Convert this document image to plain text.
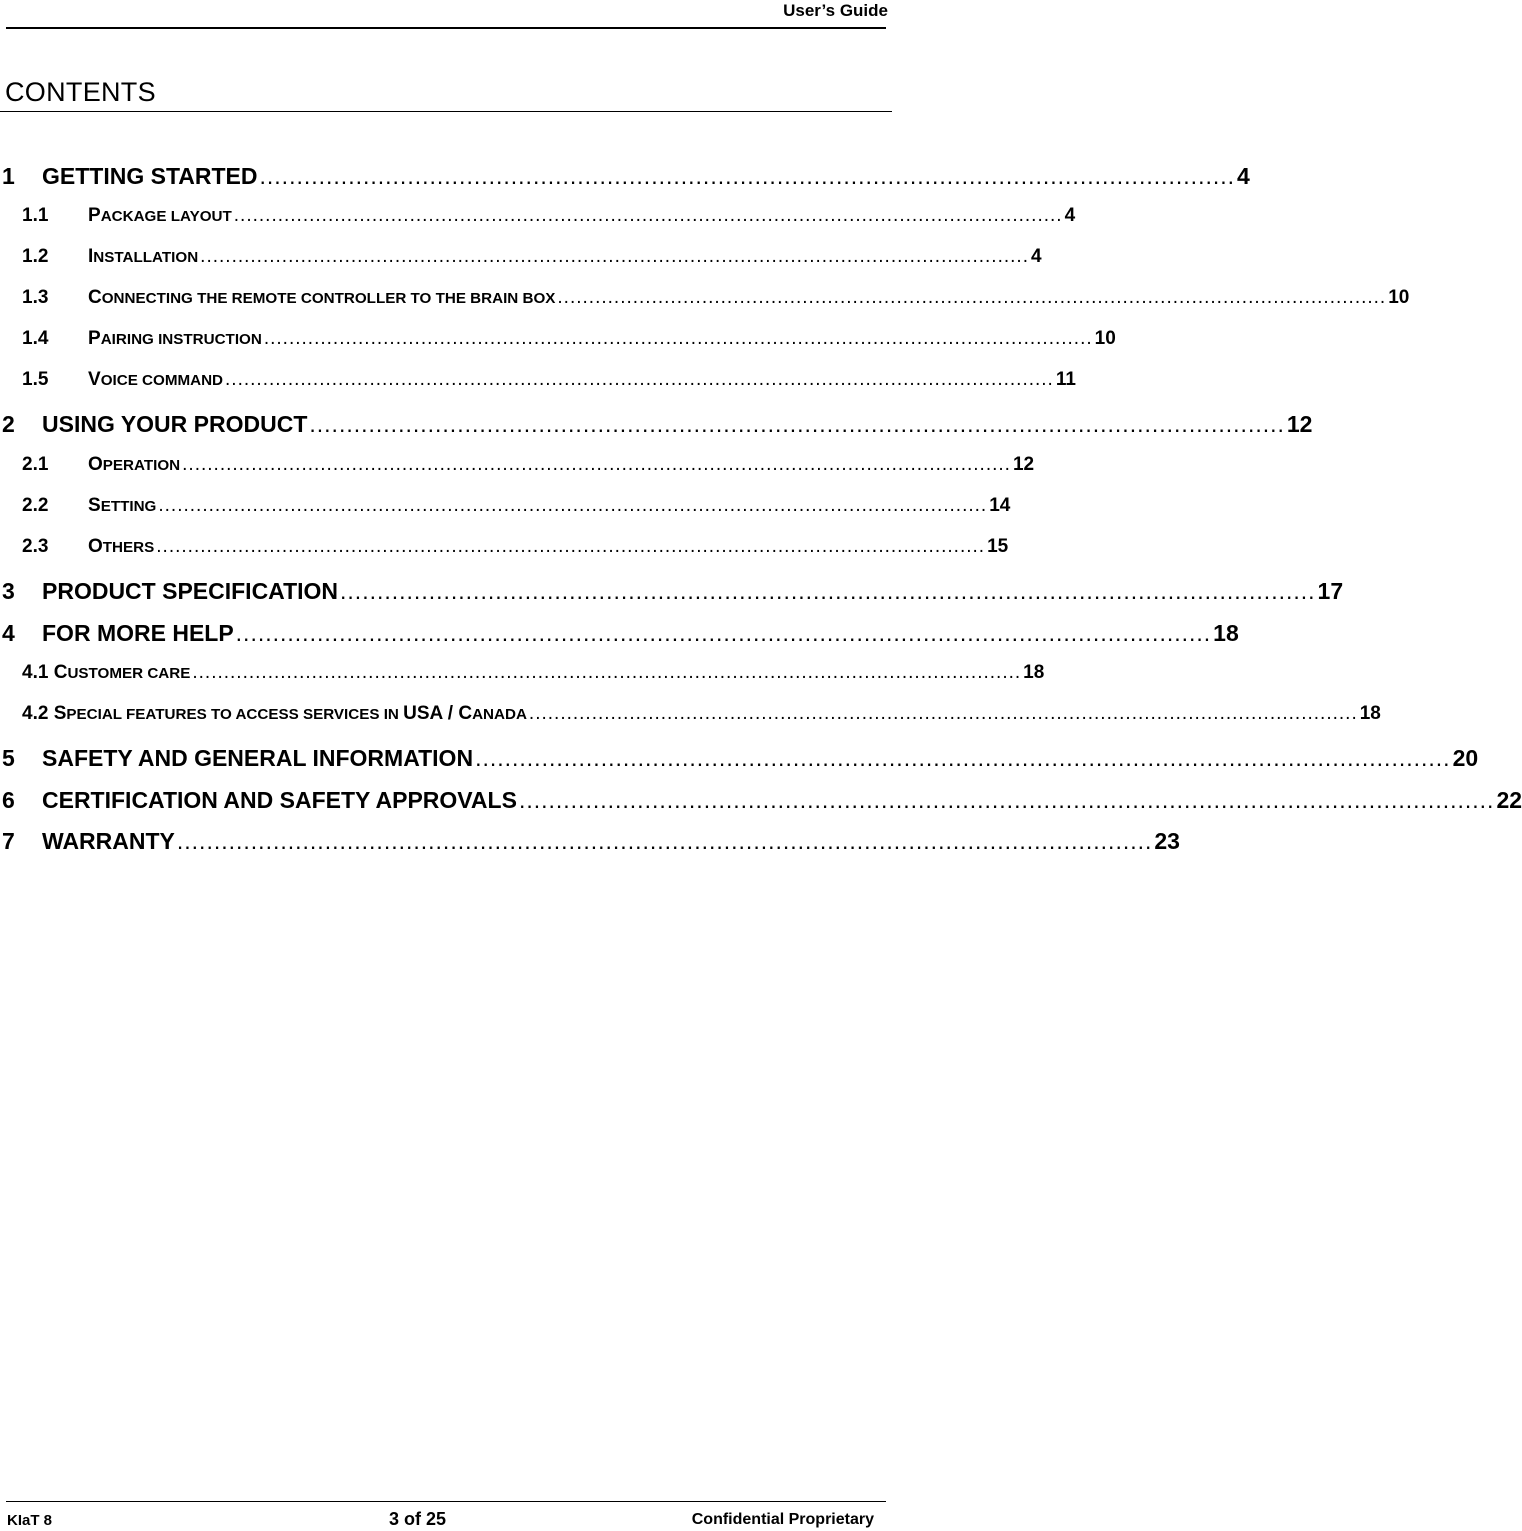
User’s Guide
CONTENTS
1	GETTING STARTED .................................................................................................................................... 4
1.1	PACKAGE LAYOUT .................................................................................................................................... 4
1.2	INSTALLATION .................................................................................................................................... 4
1.3	CONNECTING THE REMOTE CONTROLLER TO THE BRAIN BOX .................................................................................................................................... 10
1.4	PAIRING INSTRUCTION .................................................................................................................................... 10
1.5	VOICE COMMAND .................................................................................................................................... 11
2	USING YOUR PRODUCT .................................................................................................................................... 12
2.1	OPERATION .................................................................................................................................... 12
2.2	SETTING .................................................................................................................................... 14
2.3	OTHERS .................................................................................................................................... 15
3	PRODUCT SPECIFICATION .................................................................................................................................... 17
4	FOR MORE HELP .................................................................................................................................... 18
4.1 CUSTOMER CARE .................................................................................................................................... 18
4.2 SPECIAL FEATURES TO ACCESS SERVICES IN USA / CANADA .................................................................................................................................... 18
5	SAFETY AND GENERAL INFORMATION .................................................................................................................................... 20
6	CERTIFICATION AND SAFETY APPROVALS .................................................................................................................................... 22
7	WARRANTY .................................................................................................................................... 23
KIaT 8	3 of 25	Confidential Proprietary
